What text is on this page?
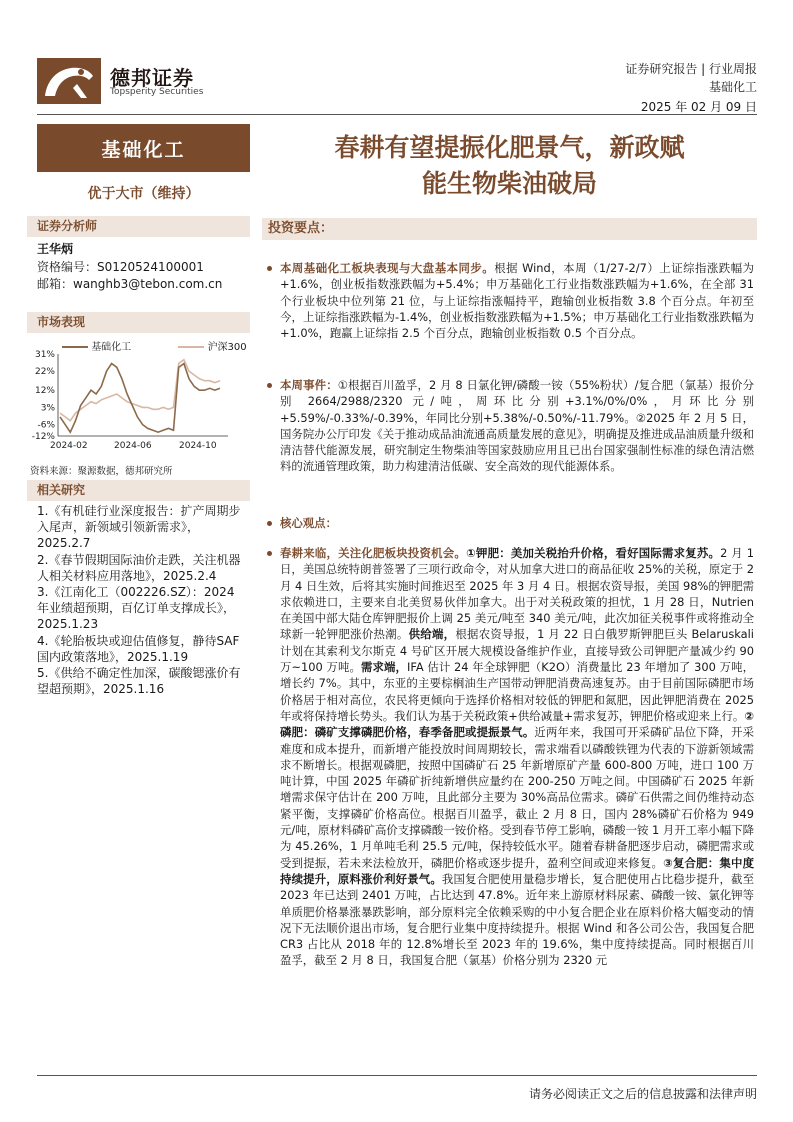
德邦证券
Topsperity Securities
证券研究报告 | 行业周报
基础化工
2025 年 02 月 09 日
基础化工
优于大市（维持）
证券分析师
王华炳
资格编号：S0120524100001
邮箱：wanghb3@tebon.com.cn
市场表现
基础化工	沪深300
31%
22%
12%
3%
-6%
-12%
2024-02	2024-06	2024-10
资料来源：聚源数据，德邦研究所
相关研究
1.《有机硅行业深度报告：扩产周期步入尾声，新领域引领新需求》，2025.2.7
2.《春节假期国际油价走跌，关注机器人相关材料应用落地》，2025.2.4
3.《江南化工（002226.SZ）：2024 年业绩超预期，百亿订单支撑成长》，2025.1.23
4.《轮胎板块或迎估值修复，静待SAF 国内政策落地》，2025.1.19
5.《供给不确定性加深，碳酸锶涨价有望超预期》，2025.1.16
春耕有望提振化肥景气，新政赋
能生物柴油破局
投资要点：
本周基础化工板块表现与大盘基本同步。根据 Wind，本周（1/27-2/7）上证综指涨跌幅为+1.6%，创业板指数涨跌幅为+5.4%；申万基础化工行业指数涨跌幅为+1.6%，在全部 31 个行业板块中位列第 21 位，与上证综指涨幅持平，跑输创业板指数 3.8 个百分点。年初至今，上证综指涨跌幅为-1.4%，创业板指数涨跌幅为+1.5%；申万基础化工行业指数涨跌幅为+1.0%，跑赢上证综指 2.5 个百分点，跑输创业板指数 0.5 个百分点。
本周事件：①根据百川盈孚，2 月 8 日氯化钾/磷酸一铵（55%粉状）/复合肥（氯基）报价分别 2664/2988/2320 元/吨，周环比分别+3.1%/0%/0%，月环比分别+5.59%/-0.33%/-0.39%，年同比分别+5.38%/-0.50%/-11.79%。②2025 年 2 月 5 日，国务院办公厅印发《关于推动成品油流通高质量发展的意见》，明确提及推进成品油质量升级和清洁替代能源发展，研究制定生物柴油等国家鼓励应用且已出台国家强制性标准的绿色清洁燃料的流通管理政策，助力构建清洁低碳、安全高效的现代能源体系。
核心观点：
春耕来临，关注化肥板块投资机会。①钾肥：美加关税抬升价格，看好国际需求复苏。2 月 1 日，美国总统特朗普签署了三项行政命令，对从加拿大进口的商品征收 25%的关税，原定于 2 月 4 日生效，后将其实施时间推迟至 2025 年 3 月 4 日。根据农资导报，美国 98%的钾肥需求依赖进口，主要来自北美贸易伙伴加拿大。出于对关税政策的担忧，1 月 28 日，Nutrien 在美国中部大陆仓库钾肥报价上调 25 美元/吨至 340 美元/吨，此次加征关税事件或将推动全球新一轮钾肥涨价热潮。供给端，根据农资导报，1 月 22 日白俄罗斯钾肥巨头 Belaruskali 计划在其索利戈尔斯克 4 号矿区开展大规模设备维护作业，直接导致公司钾肥产量减少约 90 万~100 万吨。需求端，IFA 估计 24 年全球钾肥（K2O）消费量比 23 年增加了 300 万吨，增长约 7%。其中，东亚的主要棕榈油生产国带动钾肥消费高速复苏。由于目前国际磷肥市场价格居于相对高位，农民将更倾向于选择价格相对较低的钾肥和氮肥，因此钾肥消费在 2025 年或将保持增长势头。我们认为基于关税政策+供给减量+需求复苏，钾肥价格或迎来上行。②磷肥：磷矿支撑磷肥价格，春季备肥或提振景气。近两年来，我国可开采磷矿品位下降，开采难度和成本提升，而新增产能投放时间周期较长，需求端看以磷酸铁锂为代表的下游新领域需求不断增长。根据观磷肥，按照中国磷矿石 25 年新增原矿产量 600-800 万吨，进口 100 万吨计算，中国 2025 年磷矿折纯新增供应量约在 200-250 万吨之间。中国磷矿石 2025 年新增需求保守估计在 200 万吨，且此部分主要为 30%高品位需求。磷矿石供需之间仍维持动态紧平衡，支撑磷矿价格高位。根据百川盈孚，截止 2 月 8 日，国内 28%磷矿石价格为 949 元/吨，原材料磷矿高价支撑磷酸一铵价格。受到春节停工影响，磷酸一铵 1 月开工率小幅下降为 45.26%，1 月单吨毛利 25.5 元/吨，保持较低水平。随着春耕备肥逐步启动，磷肥需求或受到提振，若未来法检放开，磷肥价格或逐步提升，盈利空间或迎来修复。③复合肥：集中度持续提升，原料涨价利好景气。我国复合肥使用量稳步增长，复合肥使用占比稳步提升，截至 2023 年已达到 2401 万吨，占比达到 47.8%。近年来上游原材料尿素、磷酸一铵、氯化钾等单质肥价格暴涨暴跌影响，部分原料完全依赖采购的中小复合肥企业在原料价格大幅变动的情况下无法顺价退出市场，复合肥行业集中度持续提升。根据 Wind 和各公司公告，我国复合肥 CR3 占比从 2018 年的 12.8%增长至 2023 年的 19.6%，集中度持续提高。同时根据百川盈孚，截至 2 月 8 日，我国复合肥（氯基）价格分别为 2320 元
请务必阅读正文之后的信息披露和法律声明
